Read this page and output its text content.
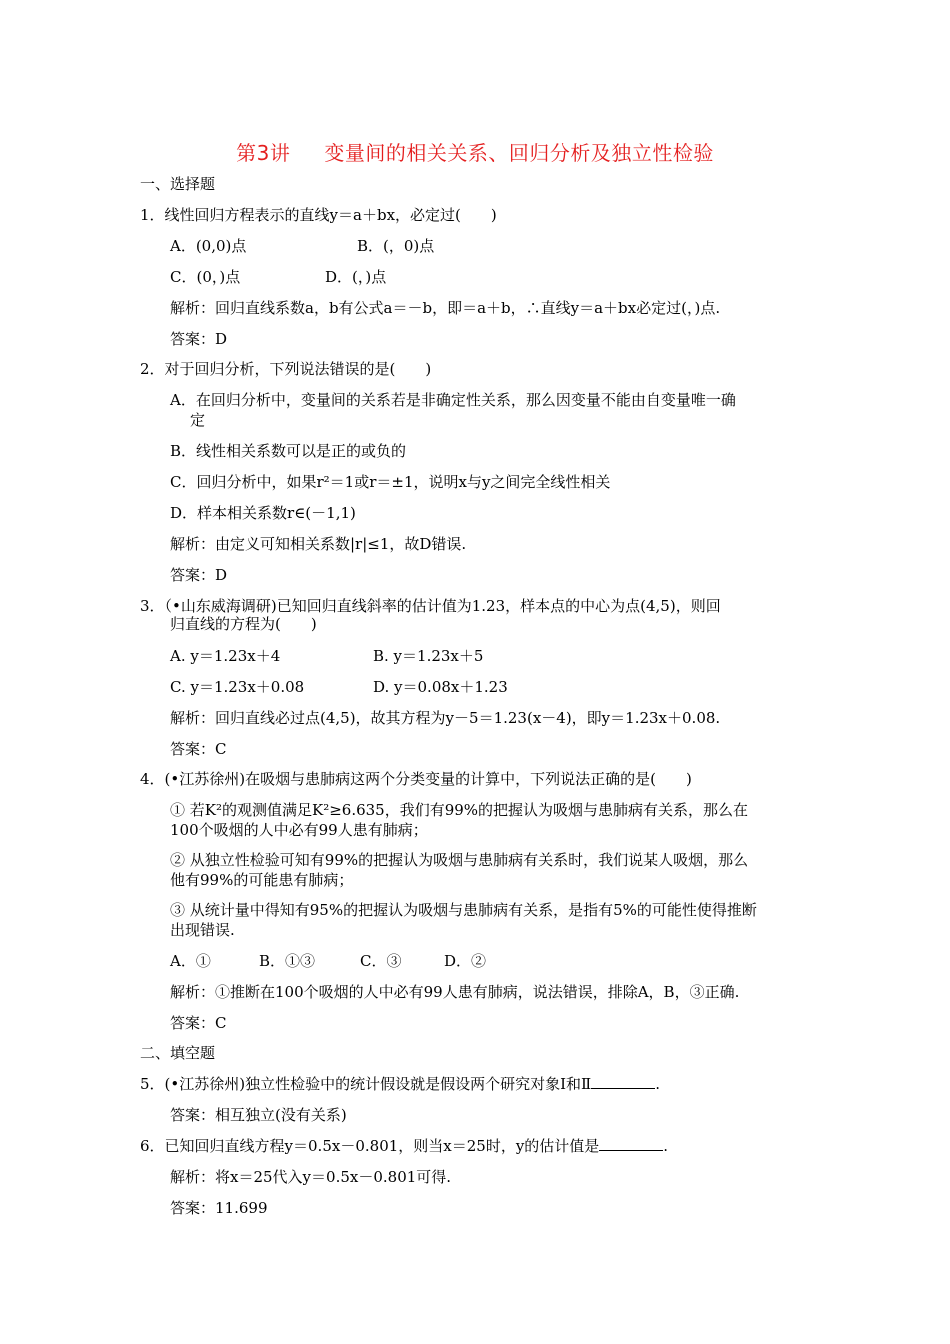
第3讲 变量间的相关关系、回归分析及独立性检验
一、选择题
1．线性回归方程表示的直线y＝a＋bx，必定过(　　)
A．(0,0)点	B．(，0)点
C．(0，)点	D．(，)点
解析：回归直线系数a，b有公式a＝－b，即＝a＋b，∴直线y＝a＋bx必定过(，)点.
答案：D
2．对于回归分析，下列说法错误的是(　　)
A．在回归分析中，变量间的关系若是非确定性关系，那么因变量不能由自变量唯一确
定
B．线性相关系数可以是正的或负的
C．回归分析中，如果r²＝1或r＝±1，说明x与y之间完全线性相关
D．样本相关系数r∈(－1,1)
解析：由定义可知相关系数|r|≤1，故D错误.
答案：D
3．（•山东威海调研)已知回归直线斜率的估计值为1.23，样本点的中心为点(4,5)，则回
归直线的方程为(　　)
A. y＝1.23x＋4	B. y＝1.23x＋5
C. y＝1.23x＋0.08	D. y＝0.08x＋1.23
解析：回归直线必过点(4,5)，故其方程为y－5＝1.23(x－4)，即y＝1.23x＋0.08.
答案：C
4．(•江苏徐州)在吸烟与患肺病这两个分类变量的计算中，下列说法正确的是(　　)
① 若K²的观测值满足K²≥6.635，我们有99%的把握认为吸烟与患肺病有关系，那么在
100个吸烟的人中必有99人患有肺病；
② 从独立性检验可知有99%的把握认为吸烟与患肺病有关系时，我们说某人吸烟，那么
他有99%的可能患有肺病；
③ 从统计量中得知有95%的把握认为吸烟与患肺病有关系，是指有5%的可能性使得推断
出现错误.
A．①	B．①③	C．③	D．②
解析：①推断在100个吸烟的人中必有99人患有肺病，说法错误，排除A，B，③正确.
答案：C
二、填空题
5．(•江苏徐州)独立性检验中的统计假设就是假设两个研究对象Ⅰ和Ⅱ	.
答案：相互独立(没有关系)
6．已知回归直线方程y＝0.5x－0.801，则当x＝25时，y的估计值是	.
解析：将x＝25代入y＝0.5x－0.801可得.
答案：11.699
